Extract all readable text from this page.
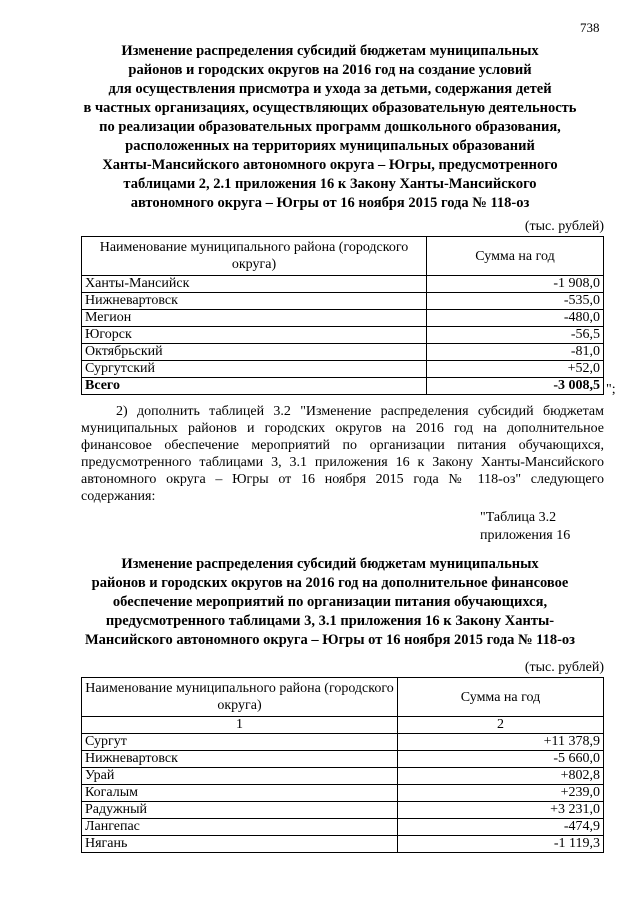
738
Изменение распределения субсидий бюджетам муниципальных
районов и городских округов на 2016 год на создание условий
для осуществления присмотра и ухода за детьми, содержания детей
в частных организациях, осуществляющих образовательную деятельность
по реализации образовательных программ дошкольного образования,
расположенных на территориях муниципальных образований
Ханты-Мансийского автономного округа – Югры, предусмотренного
таблицами 2, 2.1 приложения 16 к Закону Ханты-Мансийского
автономного округа – Югры от 16 ноября 2015 года № 118-оз
(тыс. рублей)
Наименование муниципального района (городского округа)	Сумма на год
Ханты-Мансийск	-1 908,0
Нижневартовск	-535,0
Мегион	-480,0
Югорск	-56,5
Октябрьский	-81,0
Сургутский	+52,0
Всего	-3 008,5 ";
2) дополнить таблицей 3.2 "Изменение распределения субсидий бюджетам
муниципальных районов и городских округов на 2016 год на дополнительное
финансовое обеспечение мероприятий по организации питания обучающихся,
предусмотренного таблицами 3, 3.1 приложения 16 к Закону Ханты-Мансийского
автономного округа – Югры от 16 ноября 2015 года № 118-оз" следующего
содержания:
"Таблица 3.2
приложения 16
Изменение распределения субсидий бюджетам муниципальных
районов и городских округов на 2016 год на дополнительное финансовое
обеспечение мероприятий по организации питания обучающихся,
предусмотренного таблицами 3, 3.1 приложения 16 к Закону Ханты-
Мансийского автономного округа – Югры от 16 ноября 2015 года № 118-оз
(тыс. рублей)
Наименование муниципального района (городского округа)	Сумма на год
1	2
Сургут	+11 378,9
Нижневартовск	-5 660,0
Урай	+802,8
Когалым	+239,0
Радужный	+3 231,0
Лангепас	-474,9
Нягань	-1 119,3
